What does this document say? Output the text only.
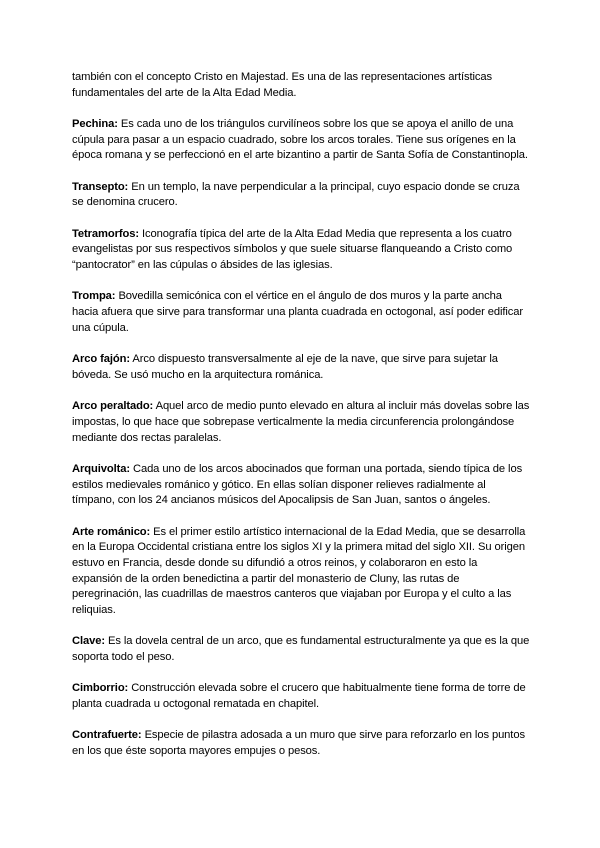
también con el concepto Cristo en Majestad. Es una de las representaciones artísticas fundamentales del arte de la Alta Edad Media.

Pechina: Es cada uno de los triángulos curvilíneos sobre los que se apoya el anillo de una cúpula para pasar a un espacio cuadrado, sobre los arcos torales. Tiene sus orígenes en la época romana y se perfeccionó en el arte bizantino a partir de Santa Sofía de Constantinopla.

Transepto: En un templo, la nave perpendicular a la principal, cuyo espacio donde se cruza se denomina crucero.

Tetramorfos: Iconografía típica del arte de la Alta Edad Media que representa a los cuatro evangelistas por sus respectivos símbolos y que suele situarse flanqueando a Cristo como “pantocrator” en las cúpulas o ábsides de las iglesias.

Trompa: Bovedilla semicónica con el vértice en el ángulo de dos muros y la parte ancha hacia afuera que sirve para transformar una planta cuadrada en octogonal, así poder edificar una cúpula.

Arco fajón: Arco dispuesto transversalmente al eje de la nave, que sirve para sujetar la bóveda. Se usó mucho en la arquitectura románica.

Arco peraltado: Aquel arco de medio punto elevado en altura al incluir más dovelas sobre las impostas, lo que hace que sobrepase verticalmente la media circunferencia prolongándose mediante dos rectas paralelas.

Arquivolta: Cada uno de los arcos abocinados que forman una portada, siendo típica de los estilos medievales románico y gótico. En ellas solían disponer relieves radialmente al tímpano, con los 24 ancianos músicos del Apocalipsis de San Juan, santos o ángeles.

Arte románico: Es el primer estilo artístico internacional de la Edad Media, que se desarrolla en la Europa Occidental cristiana entre los siglos XI y la primera mitad del siglo XII. Su origen estuvo en Francia, desde donde su difundió a otros reinos, y colaboraron en esto la expansión de la orden benedictina a partir del monasterio de Cluny, las rutas de peregrinación, las cuadrillas de maestros canteros que viajaban por Europa y el culto a las reliquias.

Clave: Es la dovela central de un arco, que es fundamental estructuralmente ya que es la que soporta todo el peso.

Cimborrio: Construcción elevada sobre el crucero que habitualmente tiene forma de torre de planta cuadrada u octogonal rematada en chapitel.

Contrafuerte: Especie de pilastra adosada a un muro que sirve para reforzarlo en los puntos en los que éste soporta mayores empujes o pesos.
